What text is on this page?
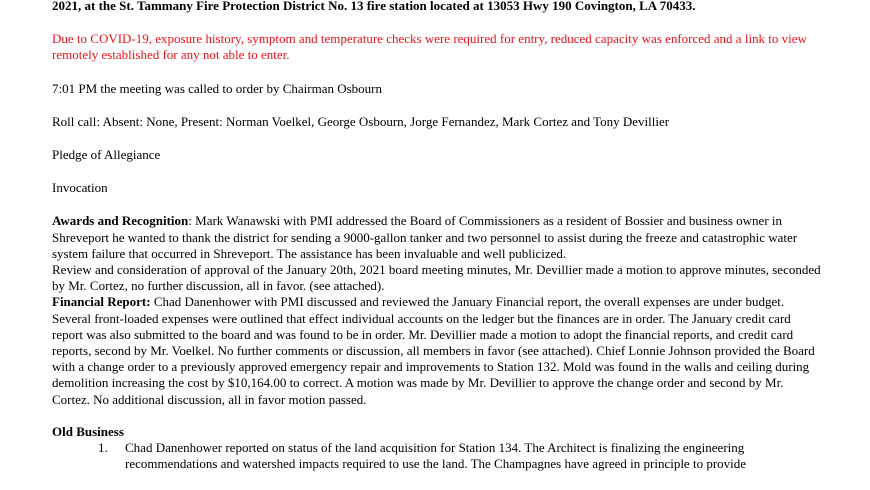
2021, at the St. Tammany Fire Protection District No. 13 fire station located at 13053 Hwy 190 Covington, LA 70433.

Due to COVID-19, exposure history, symptom and temperature checks were required for entry, reduced capacity was enforced and a link to view remotely established for any not able to enter.

7:01 PM the meeting was called to order by Chairman Osbourn

Roll call: Absent: None, Present: Norman Voelkel, George Osbourn, Jorge Fernandez, Mark Cortez and Tony Devillier

Pledge of Allegiance

Invocation

Awards and Recognition: Mark Wanawski with PMI addressed the Board of Commissioners as a resident of Bossier and business owner in Shreveport he wanted to thank the district for sending a 9000-gallon tanker and two personnel to assist during the freeze and catastrophic water system failure that occurred in Shreveport. The assistance has been invaluable and well publicized.

Review and consideration of approval of the January 20th, 2021 board meeting minutes, Mr. Devillier made a motion to approve minutes, seconded by Mr. Cortez, no further discussion, all in favor. (see attached).

Financial Report: Chad Danenhower with PMI discussed and reviewed the January Financial report, the overall expenses are under budget. Several front-loaded expenses were outlined that effect individual accounts on the ledger but the finances are in order. The January credit card report was also submitted to the board and was found to be in order. Mr. Devillier made a motion to adopt the financial reports, and credit card reports, second by Mr. Voelkel. No further comments or discussion, all members in favor (see attached). Chief Lonnie Johnson provided the Board with a change order to a previously approved emergency repair and improvements to Station 132. Mold was found in the walls and ceiling during demolition increasing the cost by $10,164.00 to correct. A motion was made by Mr. Devillier to approve the change order and second by Mr. Cortez. No additional discussion, all in favor motion passed.

Old Business

1. Chad Danenhower reported on status of the land acquisition for Station 134. The Architect is finalizing the engineering recommendations and watershed impacts required to use the land. The Champagnes have agreed in principle to provide
